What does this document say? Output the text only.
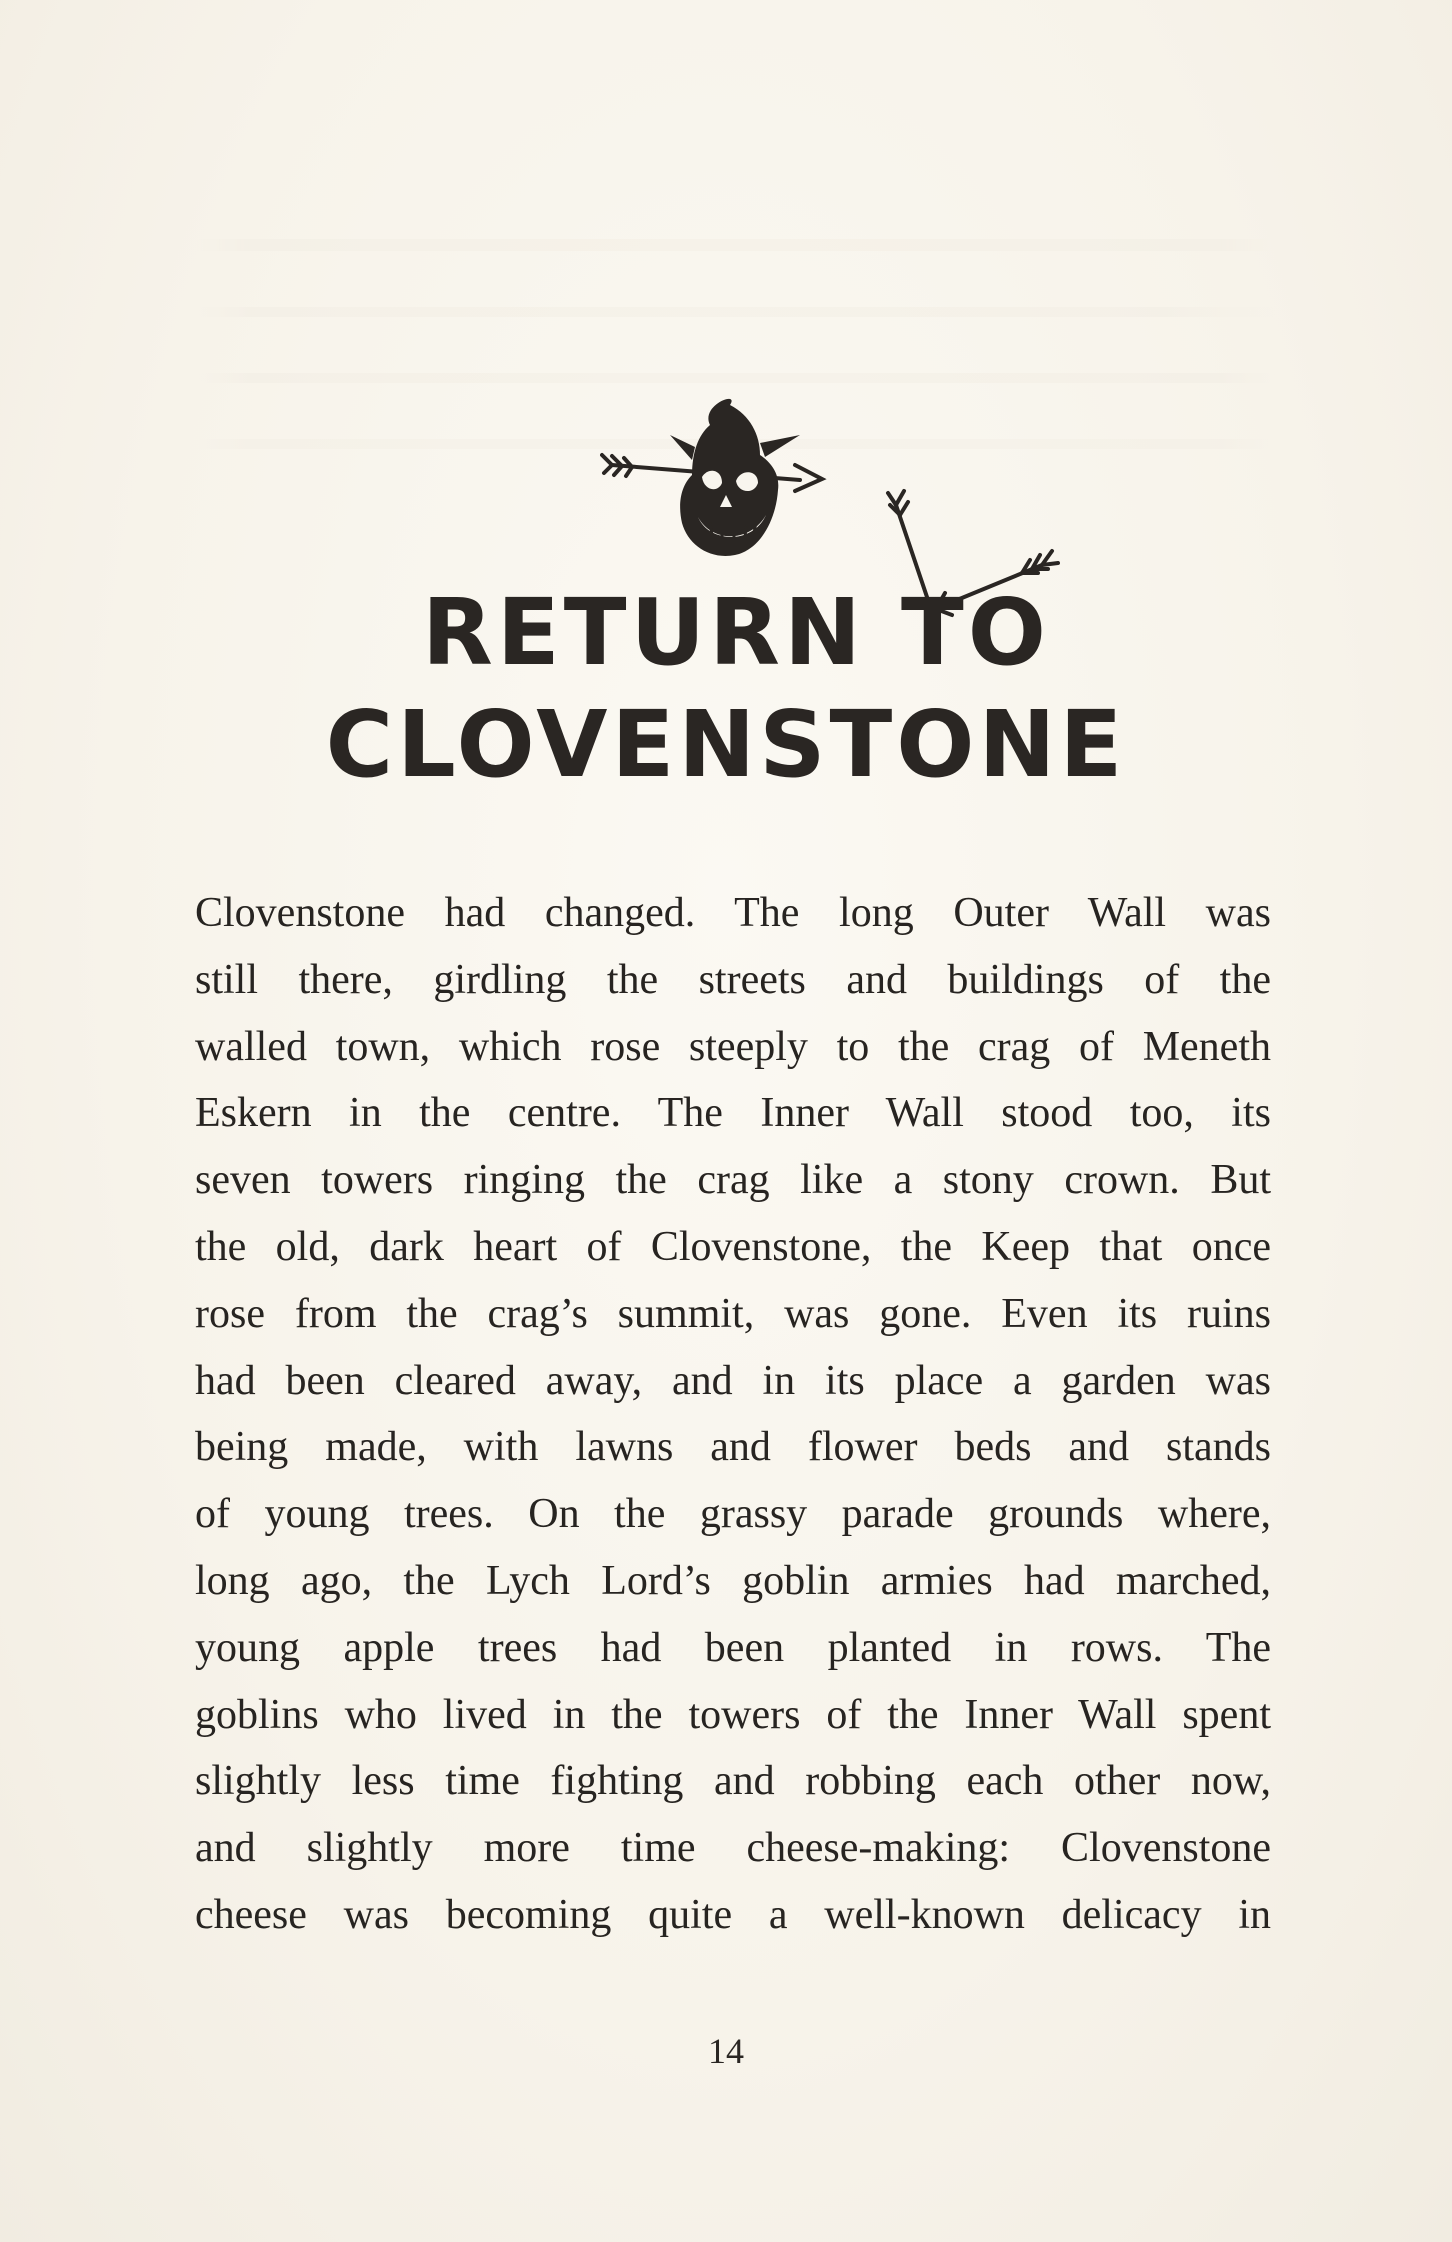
RETURN TO
CLOVENSTONE
Clovenstone had changed. The long Outer Wall was
still there, girdling the streets and buildings of the
walled town, which rose steeply to the crag of Meneth
Eskern in the centre. The Inner Wall stood too, its
seven towers ringing the crag like a stony crown. But
the old, dark heart of Clovenstone, the Keep that once
rose from the crag’s summit, was gone. Even its ruins
had been cleared away, and in its place a garden was
being made, with lawns and flower beds and stands
of young trees. On the grassy parade grounds where,
long ago, the Lych Lord’s goblin armies had marched,
young apple trees had been planted in rows. The
goblins who lived in the towers of the Inner Wall spent
slightly less time fighting and robbing each other now,
and slightly more time cheese-making: Clovenstone
cheese was becoming quite a well-known delicacy in
14
